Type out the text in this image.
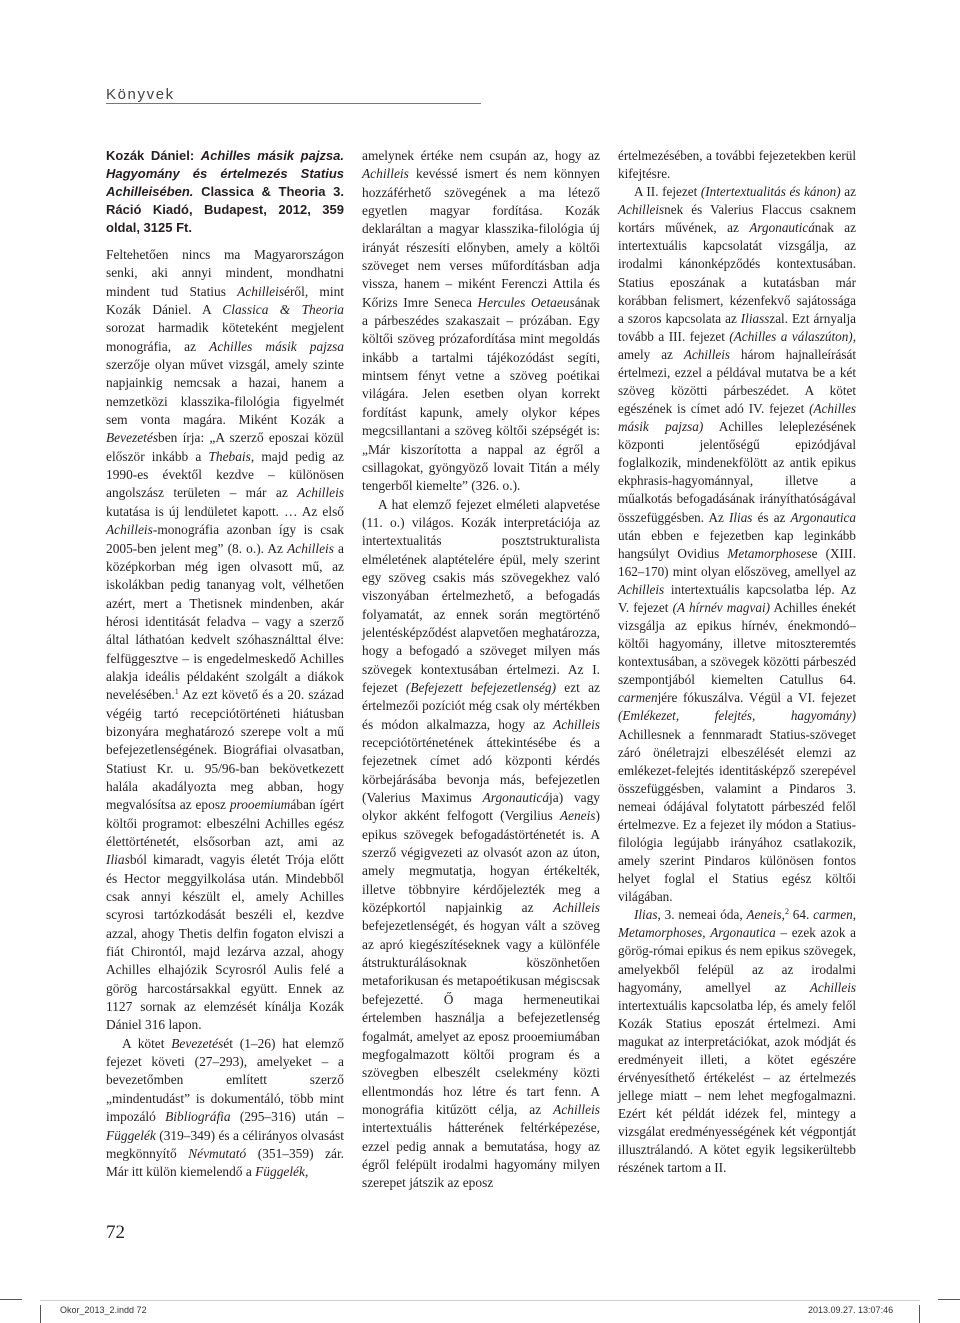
Könyvek

Kozák Dániel: Achilles másik pajzsa. Hagyomány és értelmezés Statius Achilleisében. Classica & Theoria 3. Ráció Kiadó, Budapest, 2012, 359 oldal, 3125 Ft.

Feltehetően nincs ma Magyarországon senki, aki annyi mindent, mondhatni mindent tud Statius Achilleiséről, mint Kozák Dániel. A Classica & Theoria sorozat harmadik köteteként megjelent monográfia, az Achilles másik pajzsa szerzője olyan művet vizsgál, amely szinte napjainkig nemcsak a hazai, hanem a nemzetközi klasszika-filológia figyelmét sem vonta magára. Miként Kozák a Bevezetésben írja: „A szerző eposzai közül először inkább a Thebais, majd pedig az 1990-es évektől kezdve – különösen angolszász területen – már az Achilleis kutatása is új lendületet kapott. … Az első Achilleis-monográfia azonban így is csak 2005-ben jelent meg” (8. o.). Az Achilleis a középkorban még igen olvasott mű, az iskolákban pedig tananyag volt, vélhetően azért, mert a Thetisnek mindenben, akár hérosi identitását feladva – vagy a szerző által láthatóan kedvelt szóhasználttal élve: felfüggesztve – is engedelmeskedő Achilles alakja ideális példaként szolgált a diákok nevelésében.$^1$ Az ezt követő és a 20. század végéig tartó recepciótörténeti hiátusban bizonyára meghatározó szerepe volt a mű befejezetlenségének. Biográfiai olvasatban, Statiust Kr. u. 95/96-ban bekövetkezett halála akadályozta meg abban, hogy megvalósítsa az eposz prooemiumában ígért költői programot: elbeszélni Achilles egész élettörténetét, elsősorban azt, ami az Iliasból kimaradt, vagyis életét Trója előtt és Hector meggyilkolása után. Mindebből csak annyi készült el, amely Achilles scyrosi tartózkodását beszéli el, kezdve azzal, ahogy Thetis delfin fogaton elviszi a fiát Chirontól, majd lezárva azzal, ahogy Achilles elhajózik Scyrosról Aulis felé a görög harcostársakkal együtt. Ennek az 1127 sornak az elemzését kínálja Kozák Dániel 316 lapon.

A kötet Bevezetését (1–26) hat elemző fejezet követi (27–293), amelyeket – a bevezetőmben említett szerző „mindentudást” is dokumentáló, több mint impozáló Bibliográfia (295–316) után – Függelék (319–349) és a célirányos olvasást megkönnyítő Névmutató (351–359) zár. Már itt külön kiemelendő a Függelék,

amelynek értéke nem csupán az, hogy az Achilleis kevéssé ismert és nem könnyen hozzáférhető szövegének a ma létező egyetlen magyar fordítása. Kozák deklaráltan a magyar klasszika-filológia új irányát részesíti előnyben, amely a költői szöveget nem verses műfordításban adja vissza, hanem – miként Ferenczi Attila és Kőrizs Imre Seneca Hercules Oetaeusának a párbeszédes szakaszait – prózában. Egy költői szöveg prózafordítása mint megoldás inkább a tartalmi tájékozódást segíti, mintsem fényt vetne a szöveg poétikai világára. Jelen esetben olyan korrekt fordítást kapunk, amely olykor képes megcsillantani a szöveg költői szépségét is: „Már kiszorította a nappal az égről a csillagokat, gyöngyöző lovait Titán a mély tengerből kiemelte” (326. o.).

A hat elemző fejezet elméleti alapvetése (11. o.) világos. Kozák interpretációja az intertextualitás posztstrukturalista elméletének alaptételére épül, mely szerint egy szöveg csakis más szövegekhez való viszonyában értelmezhető, a befogadás folyamatát, az ennek során megtörténő jelentésképződést alapvetően meghatározza, hogy a befogadó a szöveget milyen más szövegek kontextusában értelmezi. Az I. fejezet (Befejezett befejezetlenség) ezt az értelmezői pozíciót még csak oly mértékben és módon alkalmazza, hogy az Achilleis recepciótörténetének áttekintésébe és a fejezetnek címet adó központi kérdés körbejárásába bevonja más, befejezetlen (Valerius Maximus Argonauticája) vagy olykor akként felfogott (Vergilius Aeneis) epikus szövegek befogadástörténetét is. A szerző végigvezeti az olvasót azon az úton, amely megmutatja, hogyan értékelték, illetve többnyire kérdőjelezték meg a középkortól napjainkig az Achilleis befejezetlenségét, és hogyan vált a szöveg az apró kiegészítéseknek vagy a különféle átstrukturálásoknak köszönhetően metaforikusan és metapoétikusan mégiscsak befejezetté. Ő maga hermeneutikai értelemben használja a befejezetlenség fogalmát, amelyet az eposz prooemiumában megfogalmazott költői program és a szövegben elbeszélt cselekmény közti ellentmondás hoz létre és tart fenn. A monográfia kitűzött célja, az Achilleis intertextuális hátterének feltérképezése, ezzel pedig annak a bemutatása, hogy az égről felépült irodalmi hagyomány milyen szerepet játszik az eposz

értelmezésében, a további fejezetekben kerül kifejtésre.

A II. fejezet (Intertextualitás és kánon) az Achilleisnek és Valerius Flaccus csaknem kortárs művének, az Argonauticának az intertextuális kapcsolatát vizsgálja, az irodalmi kánonképződés kontextusában. Statius eposzának a kutatásban már korábban felismert, kézenfekvő sajátossága a szoros kapcsolata az Iliasszal. Ezt árnyalja tovább a III. fejezet (Achilles a válaszúton), amely az Achilleis három hajnalleírását értelmezi, ezzel a példával mutatva be a két szöveg közötti párbeszédet. A kötet egészének is címet adó IV. fejezet (Achilles másik pajzsa) Achilles leleplezésének központi jelentőségű epizódjával foglalkozik, mindenekfölött az antik epikus ekphrasis-hagyománnyal, illetve a műalkotás befogadásának irányíthatóságával összefüggésben. Az Ilias és az Argonautica után ebben e fejezetben kap leginkább hangsúlyt Ovidius Metamorphosese (XIII. 162–170) mint olyan előszöveg, amellyel az Achilleis intertextuális kapcsolatba lép. Az V. fejezet (A hírnév magvai) Achilles énekét vizsgálja az epikus hírnév, énekmondó–költői hagyomány, illetve mitoszteremtés kontextusában, a szövegek közötti párbeszéd szempontjából kiemelten Catullus 64. carmenjére fókuszálva. Végül a VI. fejezet (Emlékezet, felejtés, hagyomány) Achillesnek a fennmaradt Statius-szöveget záró önéletrajzi elbeszélését elemzi az emlékezet-felejtés identitásképző szerepével összefüggésben, valamint a Pindaros 3. nemeai ódájával folytatott párbeszéd felől értelmezve. Ez a fejezet ily módon a Statius-filológia legújabb irányához csatlakozik, amely szerint Pindaros különösen fontos helyet foglal el Statius egész költői világában.

Ilias, 3. nemeai óda, Aeneis,$^2$ 64. carmen, Metamorphoses, Argonautica – ezek azok a görög-római epikus és nem epikus szövegek, amelyekből felépül az az irodalmi hagyomány, amellyel az Achilleis intertextuális kapcsolatba lép, és amely felől Kozák Statius eposzát értelmezi. Ami magukat az interpretációkat, azok módját és eredményeit illeti, a kötet egészére érvényesíthető értékelést – az értelmezés jellege miatt – nem lehet megfogalmazni. Ezért két példát idézek fel, mintegy a vizsgálat eredményességének két végpontját illusztrálandó. A kötet egyik legsikerültebb részének tartom a II.

72
Okor_2013_2.indd 72	2013.09.27. 13:07:46
